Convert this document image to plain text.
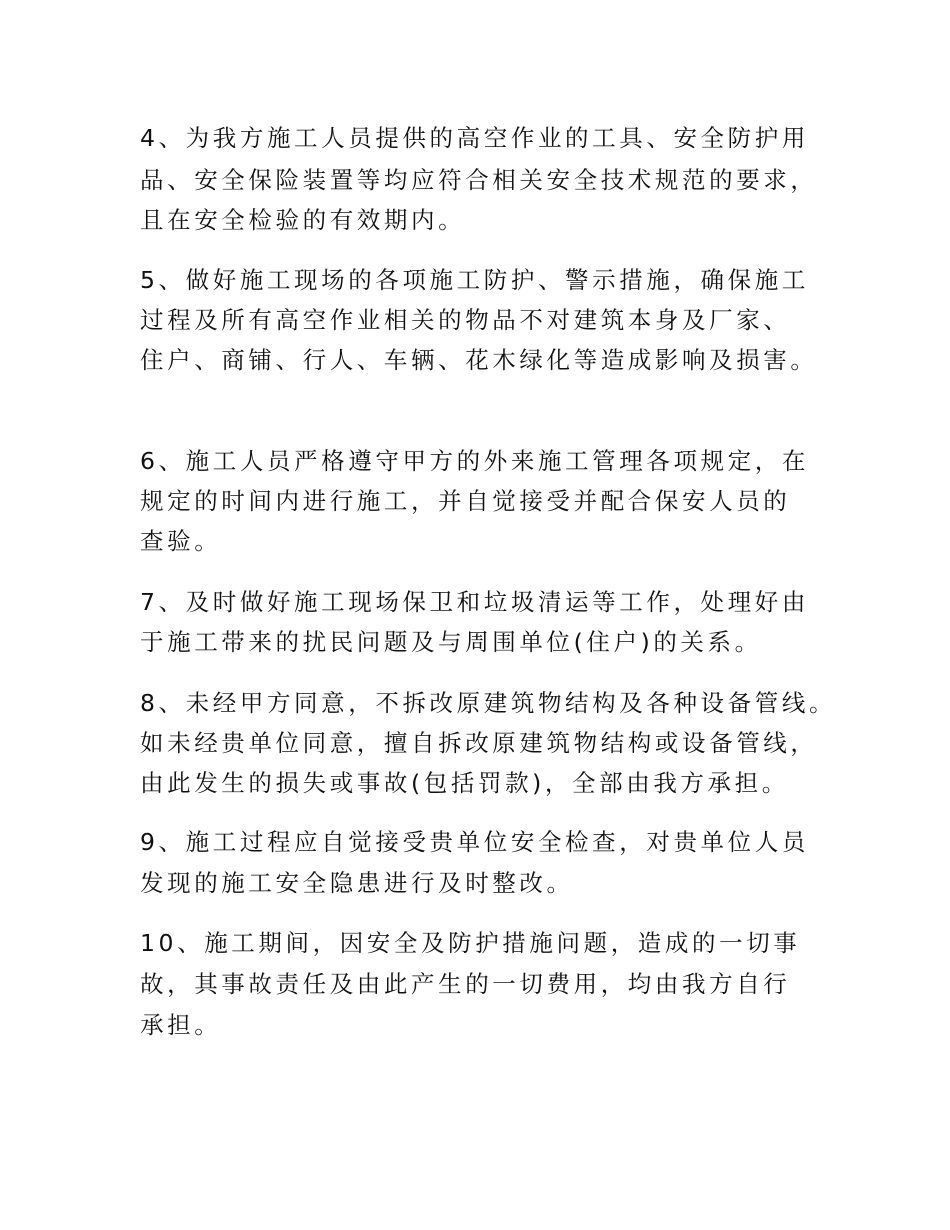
4、为我方施工人员提供的高空作业的工具、安全防护用

品、安全保险装置等均应符合相关安全技术规范的要求，

且在安全检验的有效期内。

5、做好施工现场的各项施工防护、警示措施，确保施工

过程及所有高空作业相关的物品不对建筑本身及厂家、

住户、商铺、行人、车辆、花木绿化等造成影响及损害。

6、施工人员严格遵守甲方的外来施工管理各项规定，在

规定的时间内进行施工，并自觉接受并配合保安人员的

查验。

7、及时做好施工现场保卫和垃圾清运等工作，处理好由

于施工带来的扰民问题及与周围单位(住户)的关系。

8、未经甲方同意，不拆改原建筑物结构及各种设备管线。

如未经贵单位同意，擅自拆改原建筑物结构或设备管线，

由此发生的损失或事故(包括罚款)，全部由我方承担。

9、施工过程应自觉接受贵单位安全检查，对贵单位人员

发现的施工安全隐患进行及时整改。

10、施工期间，因安全及防护措施问题，造成的一切事

故，其事故责任及由此产生的一切费用，均由我方自行

承担。
